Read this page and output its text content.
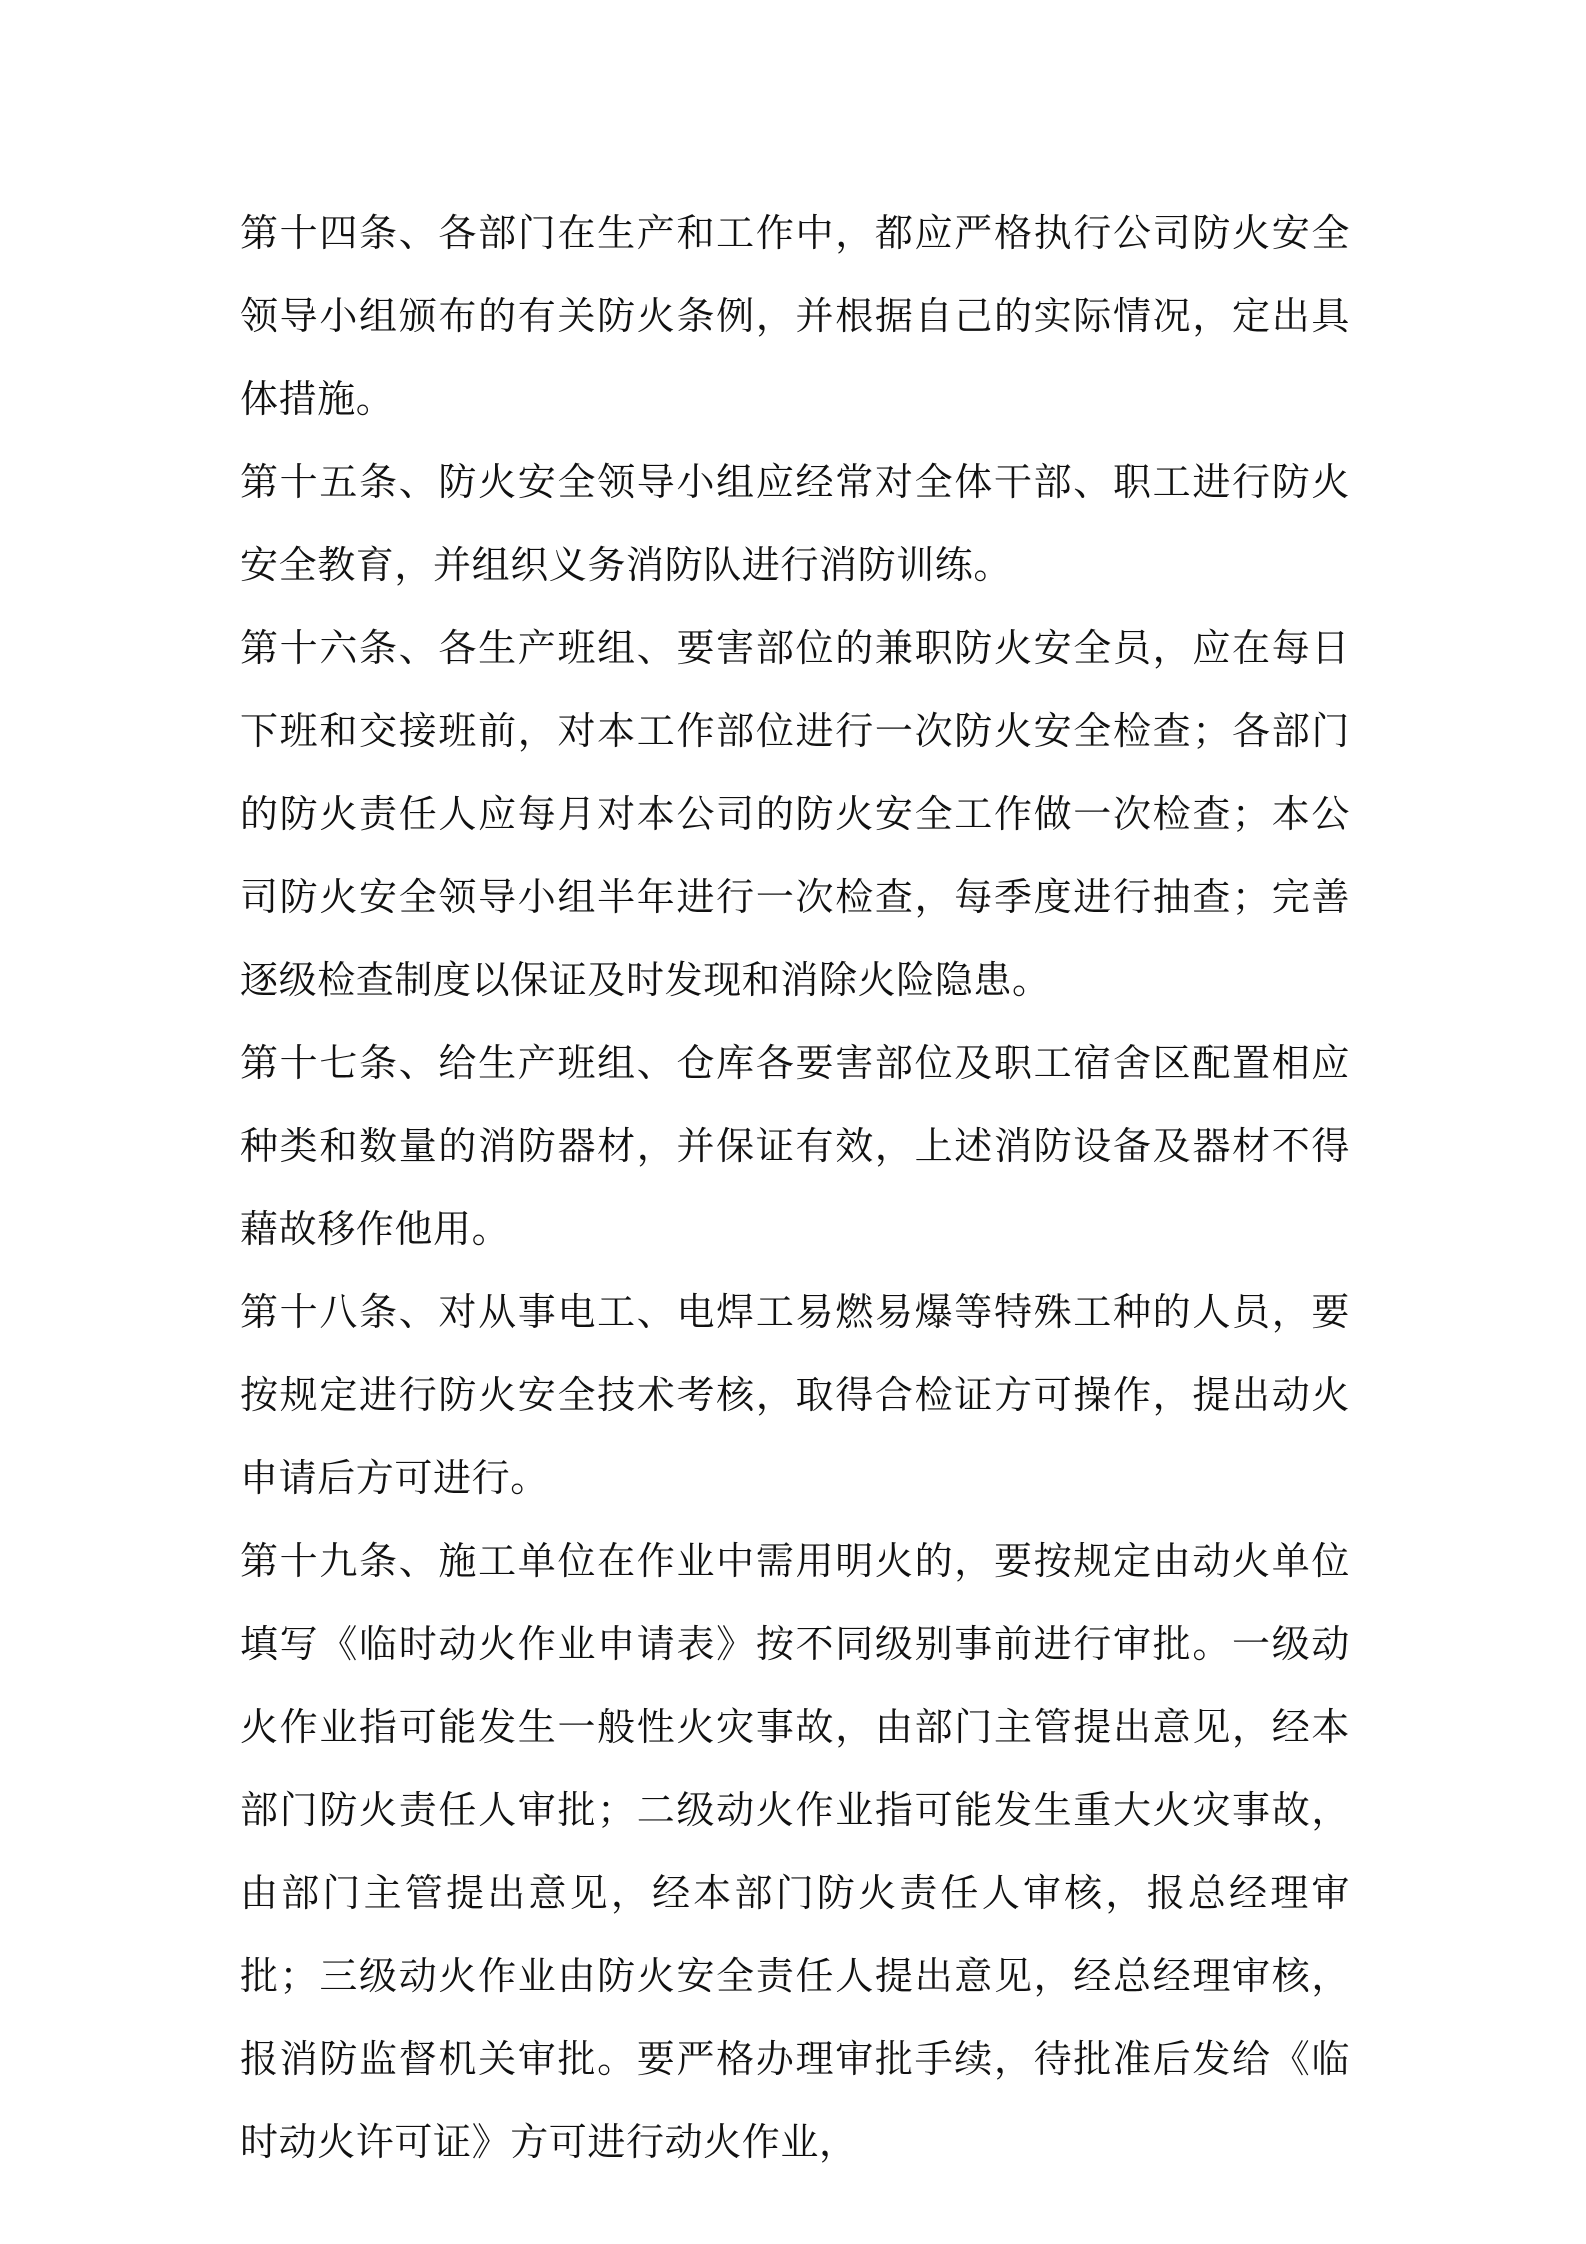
第十四条、各部门在生产和工作中，都应严格执行公司防火安全领导小组颁布的有关防火条例，并根据自己的实际情况，定出具体措施。

第十五条、防火安全领导小组应经常对全体干部、职工进行防火安全教育，并组织义务消防队进行消防训练。

第十六条、各生产班组、要害部位的兼职防火安全员，应在每日下班和交接班前，对本工作部位进行一次防火安全检查；各部门的防火责任人应每月对本公司的防火安全工作做一次检查；本公司防火安全领导小组半年进行一次检查，每季度进行抽查；完善逐级检查制度以保证及时发现和消除火险隐患。

第十七条、给生产班组、仓库各要害部位及职工宿舍区配置相应种类和数量的消防器材，并保证有效，上述消防设备及器材不得藉故移作他用。

第十八条、对从事电工、电焊工易燃易爆等特殊工种的人员，要按规定进行防火安全技术考核，取得合检证方可操作，提出动火申请后方可进行。

第十九条、施工单位在作业中需用明火的，要按规定由动火单位填写《临时动火作业申请表》按不同级别事前进行审批。一级动火作业指可能发生一般性火灾事故，由部门主管提出意见，经本部门防火责任人审批；二级动火作业指可能发生重大火灾事故，由部门主管提出意见，经本部门防火责任人审核，报总经理审批；三级动火作业由防火安全责任人提出意见，经总经理审核，报消防监督机关审批。要严格办理审批手续，待批准后发给《临时动火许可证》方可进行动火作业，
